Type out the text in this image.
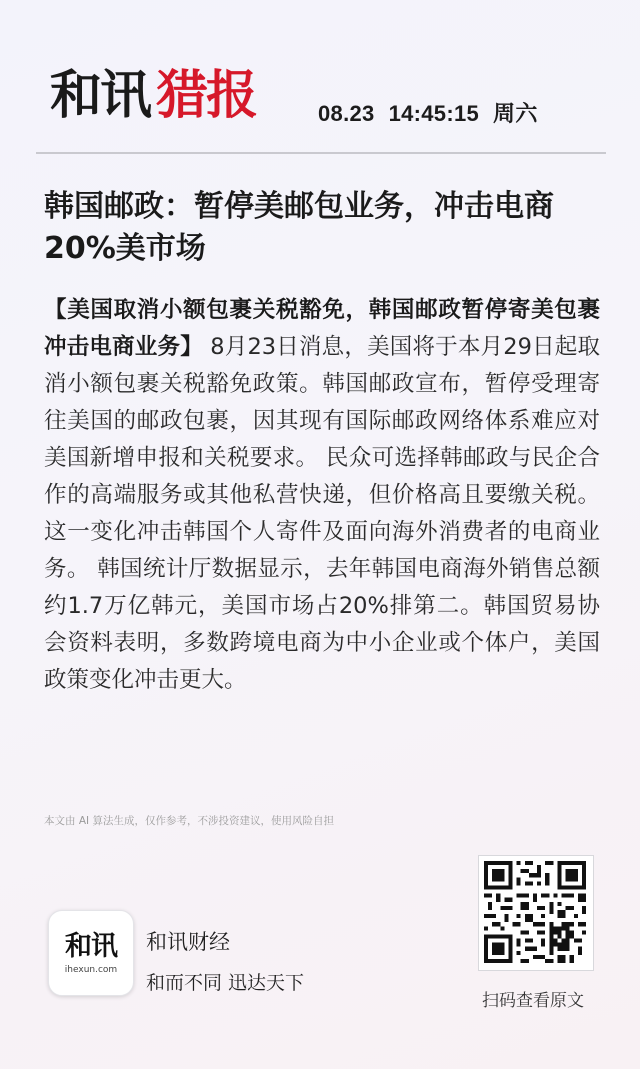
和讯 猎报	08.23 14:45:15 周六
韩国邮政：暂停美邮包业务，冲击电商20%美市场
【美国取消小额包裹关税豁免，韩国邮政暂停寄美包裹冲击电商业务】 8月23日消息，美国将于本月29日起取消小额包裹关税豁免政策。韩国邮政宣布，暂停受理寄往美国的邮政包裹，因其现有国际邮政网络体系难应对美国新增申报和关税要求。 民众可选择韩邮政与民企合作的高端服务或其他私营快递，但价格高且要缴关税。这一变化冲击韩国个人寄件及面向海外消费者的电商业务。 韩国统计厅数据显示，去年韩国电商海外销售总额约1.7万亿韩元，美国市场占20%排第二。韩国贸易协会资料表明，多数跨境电商为中小企业或个体户，美国政策变化冲击更大。
本文由 AI 算法生成，仅作参考，不涉投资建议，使用风险自担
和讯
ihexun.com
和讯财经
和而不同 迅达天下
扫码查看原文
